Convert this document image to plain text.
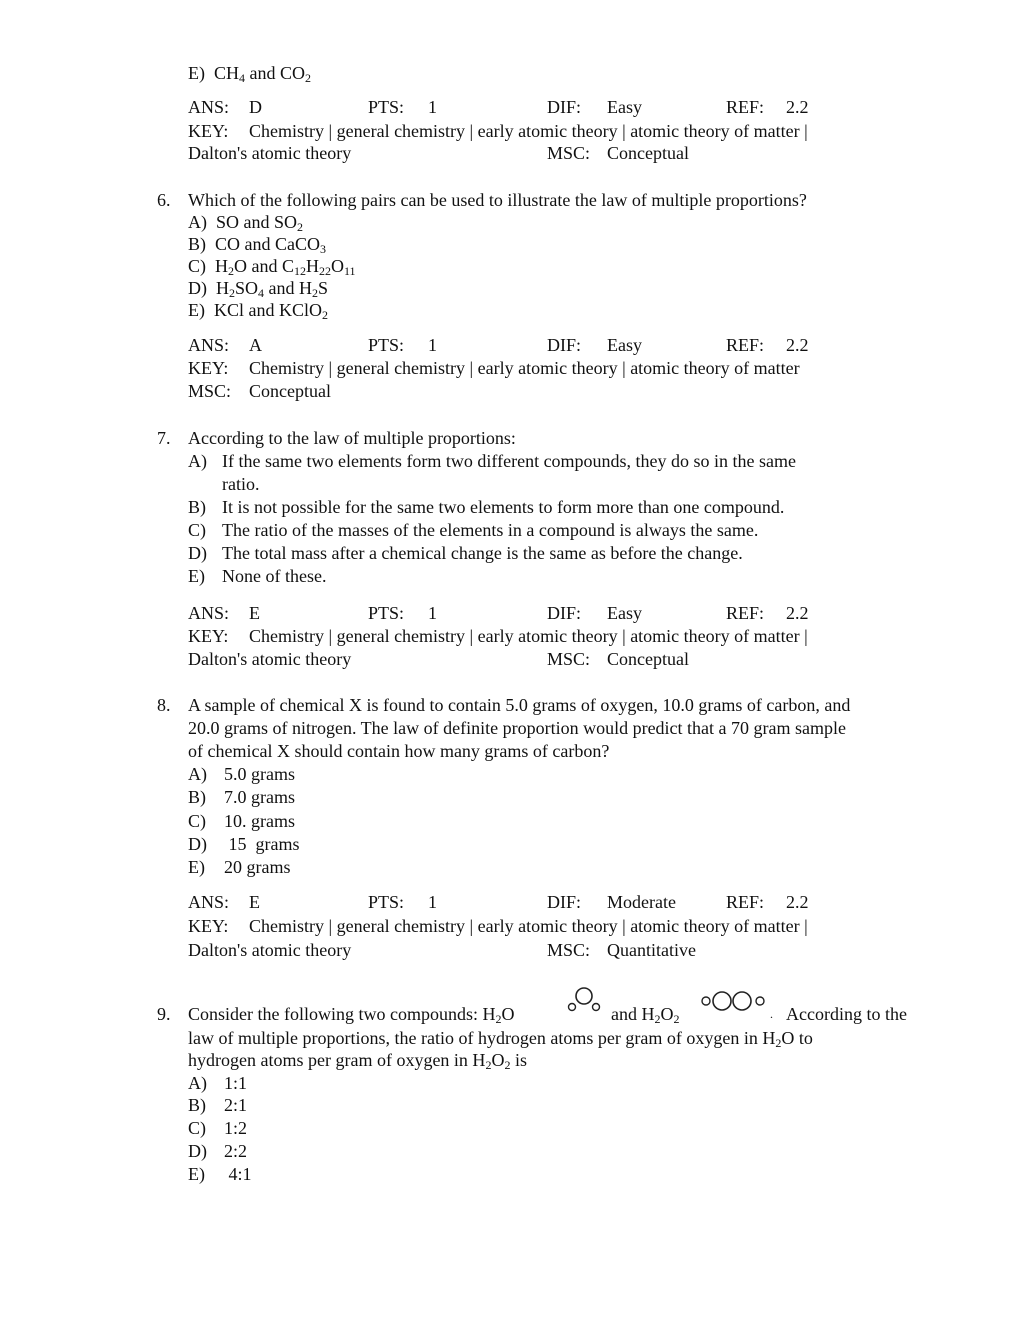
E) $CH_4$ and $CO_2$
ANS: D	PTS: 1	DIF: Easy	REF: 2.2
KEY: Chemistry | general chemistry | early atomic theory | atomic theory of matter |
Dalton's atomic theory	MSC: Conceptual
6. Which of the following pairs can be used to illustrate the law of multiple proportions?
A) SO and $SO_2$
B) CO and CaCO$_3$
C) $H_2O$ and $C_{12}H_{22}O_{11}$
D) $H_2SO_4$ and $H_2S$
E) KCl and KClO$_2$
ANS: A	PTS: 1	DIF: Easy	REF: 2.2
KEY: Chemistry | general chemistry | early atomic theory | atomic theory of matter
MSC: Conceptual
7. According to the law of multiple proportions:
A) If the same two elements form two different compounds, they do so in the same
ratio.
B) It is not possible for the same two elements to form more than one compound.
C) The ratio of the masses of the elements in a compound is always the same.
D) The total mass after a chemical change is the same as before the change.
E) None of these.
ANS: E	PTS: 1	DIF: Easy	REF: 2.2
KEY: Chemistry | general chemistry | early atomic theory | atomic theory of matter |
Dalton's atomic theory	MSC: Conceptual
8. A sample of chemical X is found to contain 5.0 grams of oxygen, 10.0 grams of carbon, and
20.0 grams of nitrogen. The law of definite proportion would predict that a 70 gram sample
of chemical X should contain how many grams of carbon?
A) 5.0 grams
B) 7.0 grams
C) 10. grams
D) 15  grams
E) 20 grams
ANS: E	PTS: 1	DIF: Moderate	REF: 2.2
KEY: Chemistry | general chemistry | early atomic theory | atomic theory of matter |
Dalton's atomic theory	MSC: Quantitative
9. Consider the following two compounds: $H_2O$	and $H_2O_2$	. According to the
law of multiple proportions, the ratio of hydrogen atoms per gram of oxygen in $H_2O$ to
hydrogen atoms per gram of oxygen in $H_2O_2$ is
A) 1:1
B) 2:1
C) 1:2
D) 2:2
E) 4:1
